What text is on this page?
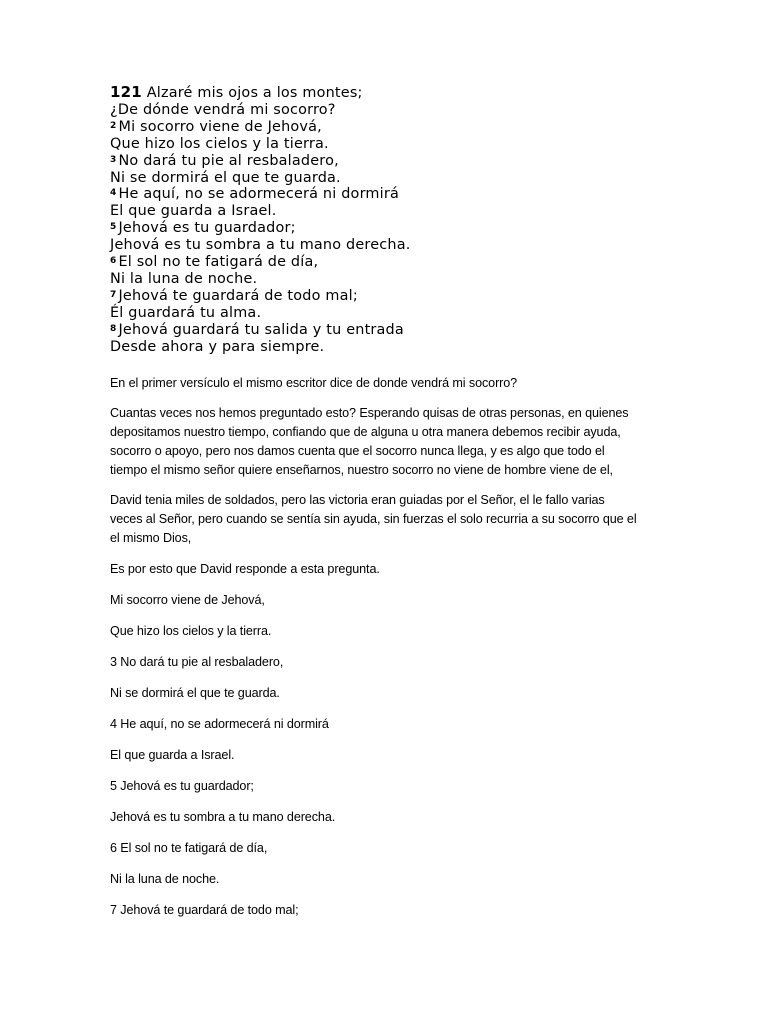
121 Alzaré mis ojos a los montes;
¿De dónde vendrá mi socorro?
$^2$ Mi socorro viene de Jehová,
Que hizo los cielos y la tierra.
$^3$ No dará tu pie al resbaladero,
Ni se dormirá el que te guarda.
$^4$ He aquí, no se adormecerá ni dormirá
El que guarda a Israel.
$^5$ Jehová es tu guardador;
Jehová es tu sombra a tu mano derecha.
$^6$ El sol no te fatigará de día,
Ni la luna de noche.
$^7$ Jehová te guardará de todo mal;
Él guardará tu alma.
$^8$ Jehová guardará tu salida y tu entrada
Desde ahora y para siempre.

En el primer versículo el mismo escritor dice de donde vendrá mi socorro?

Cuantas veces nos hemos preguntado esto? Esperando quisas de otras personas, en quienes
depositamos nuestro tiempo, confiando que de alguna u otra manera debemos recibir ayuda,
socorro o apoyo, pero nos damos cuenta que el socorro nunca llega, y es algo que todo el
tiempo el mismo señor quiere enseñarnos, nuestro socorro no viene de hombre viene de el,

David tenia miles de soldados, pero las victoria eran guiadas por el Señor, el le fallo varias
veces al Señor, pero cuando se sentía sin ayuda, sin fuerzas el solo recurria a su socorro que el
el mismo Dios,

Es por esto que David responde a esta pregunta.

Mi socorro viene de Jehová,

Que hizo los cielos y la tierra.

3 No dará tu pie al resbaladero,

Ni se dormirá el que te guarda.

4 He aquí, no se adormecerá ni dormirá

El que guarda a Israel.

5 Jehová es tu guardador;

Jehová es tu sombra a tu mano derecha.

6 El sol no te fatigará de día,

Ni la luna de noche.

7 Jehová te guardará de todo mal;
